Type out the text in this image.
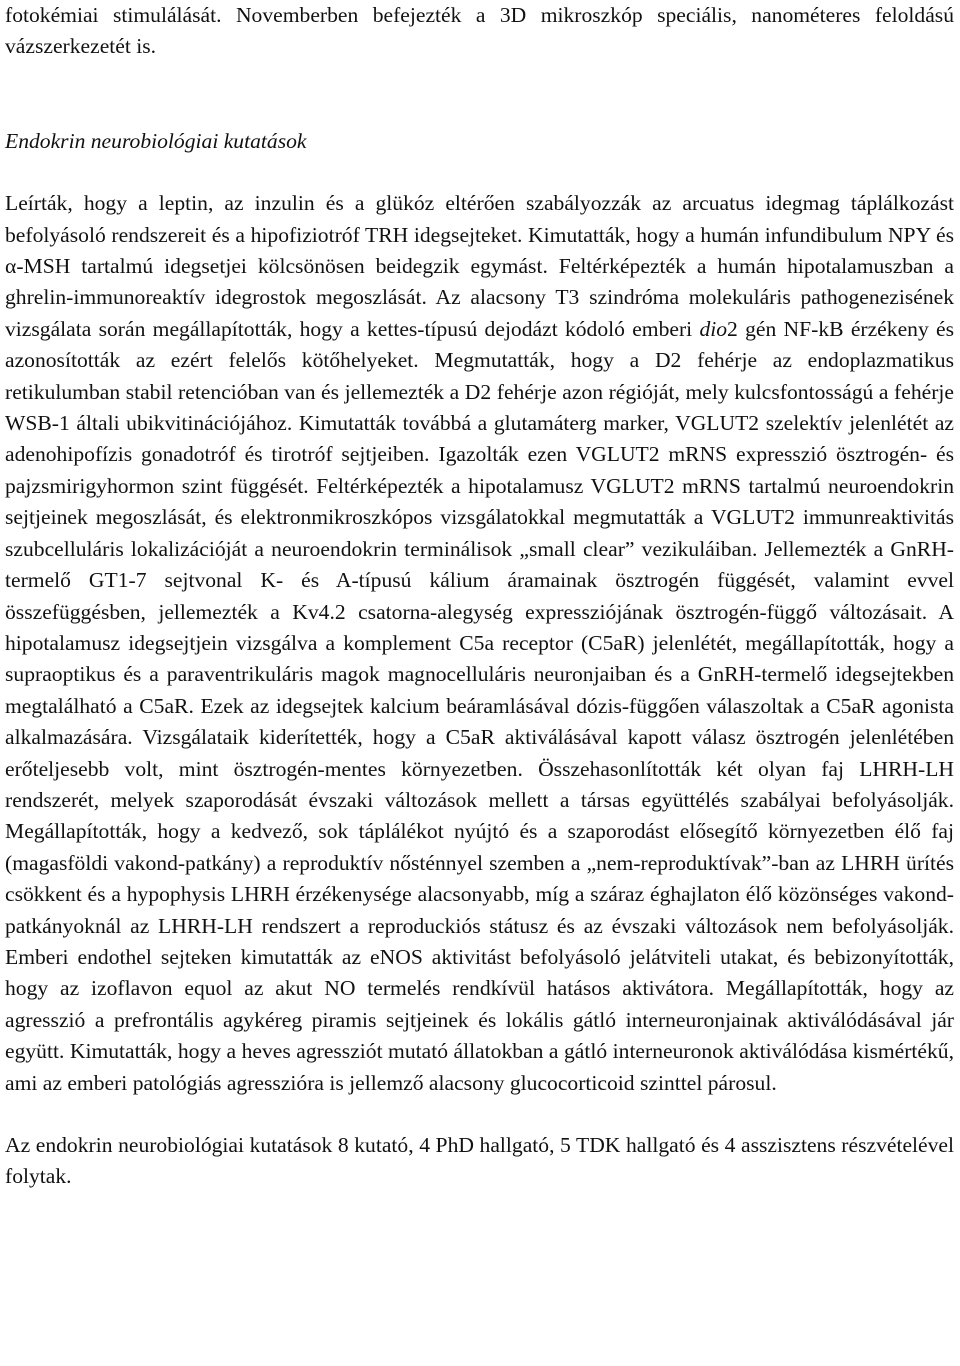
fotokémiai stimulálását. Novemberben befejezték a 3D mikroszkóp speciális, nanométeres feloldású vázszerkezetét is.

Endokrin neurobiológiai kutatások

Leírták, hogy a leptin, az inzulin és a glükóz eltérően szabályozzák az arcuatus idegmag táplálkozást befolyásoló rendszereit és a hipofiziotróf TRH idegsejteket. Kimutatták, hogy a humán infundibulum NPY és α-MSH tartalmú idegsetjei kölcsönösen beidegzik egymást. Feltérképezték a humán hipotalamuszban a ghrelin-immunoreaktív idegrostok megoszlását. Az alacsony T3 szindróma molekuláris pathogenezisének vizsgálata során megállapították, hogy a kettes-típusú dejodázt kódoló emberi dio2 gén NF-kB érzékeny és azonosították az ezért felelős kötőhelyeket. Megmutatták, hogy a D2 fehérje az endoplazmatikus retikulumban stabil retencióban van és jellemezték a D2 fehérje azon régióját, mely kulcsfontosságú a fehérje WSB-1 általi ubikvitinációjához. Kimutatták továbbá a glutamáterg marker, VGLUT2 szelektív jelenlétét az adenohipofízis gonadotróf és tirotróf sejtjeiben. Igazolták ezen VGLUT2 mRNS expresszió ösztrogén- és pajzsmirigyhormon szint függését. Feltérképezték a hipotalamusz VGLUT2 mRNS tartalmú neuroendokrin sejtjeinek megoszlását, és elektronmikroszkópos vizsgálatokkal megmutatták a VGLUT2 immunreaktivitás szubcelluláris lokalizációját a neuroendokrin terminálisok „small clear” vezikuláiban. Jellemezték a GnRH-termelő GT1-7 sejtvonal K- és A-típusú kálium áramainak ösztrogén függését, valamint evvel összefüggésben, jellemezték a Kv4.2 csatorna-alegység expressziójának ösztrogén-függő változásait. A hipotalamusz idegsejtjein vizsgálva a komplement C5a receptor (C5aR) jelenlétét, megállapították, hogy a supraoptikus és a paraventrikuláris magok magnocelluláris neuronjaiban és a GnRH-termelő idegsejtekben megtalálható a C5aR. Ezek az idegsejtek kalcium beáramlásával dózis-függően válaszoltak a C5aR agonista alkalmazására. Vizsgálataik kiderítették, hogy a C5aR aktiválásával kapott válasz ösztrogén jelenlétében erőteljesebb volt, mint ösztrogén-mentes környezetben. Összehasonlították két olyan faj LHRH-LH rendszerét, melyek szaporodását évszaki változások mellett a társas együttélés szabályai befolyásolják. Megállapították, hogy a kedvező, sok táplálékot nyújtó és a szaporodást elősegítő környezetben élő faj (magasföldi vakond-patkány) a reproduktív nősténnyel szemben a „nem-reproduktívak”-ban az LHRH ürítés csökkent és a hypophysis LHRH érzékenysége alacsonyabb, míg a száraz éghajlaton élő közönséges vakond-patkányoknál az LHRH-LH rendszert a reproduckiós státusz és az évszaki változások nem befolyásolják. Emberi endothel sejteken kimutatták az eNOS aktivitást befolyásoló jelátviteli utakat, és bebizonyították, hogy az izoflavon equol az akut NO termelés rendkívül hatásos aktivátora. Megállapították, hogy az agresszió a prefrontális agykéreg piramis sejtjeinek és lokális gátló interneuronjainak aktiválódásával jár együtt. Kimutatták, hogy a heves agressziót mutató állatokban a gátló interneuronok aktiválódása kismértékű, ami az emberi patológiás agresszióra is jellemző alacsony glucocorticoid szinttel párosul.

Az endokrin neurobiológiai kutatások 8 kutató, 4 PhD hallgató, 5 TDK hallgató és 4 asszisztens részvételével folytak.
